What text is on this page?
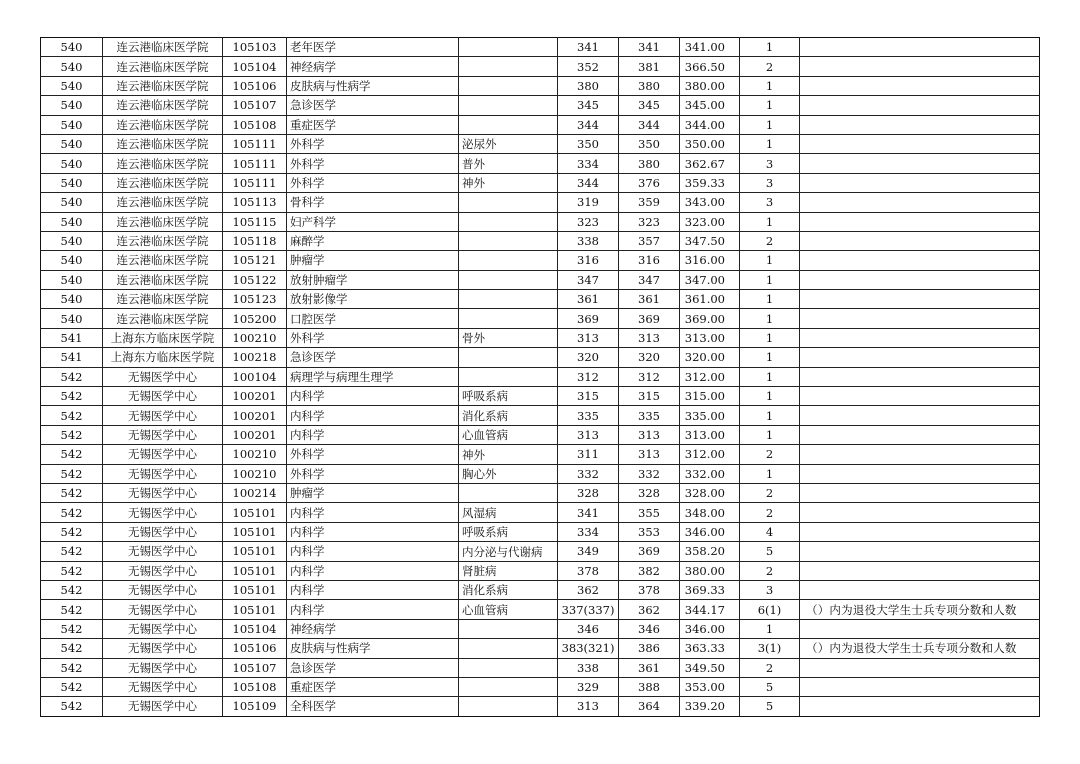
540	连云港临床医学院	105103	老年医学		341	341	341.00	1	
540	连云港临床医学院	105104	神经病学		352	381	366.50	2	
540	连云港临床医学院	105106	皮肤病与性病学		380	380	380.00	1	
540	连云港临床医学院	105107	急诊医学		345	345	345.00	1	
540	连云港临床医学院	105108	重症医学		344	344	344.00	1	
540	连云港临床医学院	105111	外科学	泌尿外	350	350	350.00	1	
540	连云港临床医学院	105111	外科学	普外	334	380	362.67	3	
540	连云港临床医学院	105111	外科学	神外	344	376	359.33	3	
540	连云港临床医学院	105113	骨科学		319	359	343.00	3	
540	连云港临床医学院	105115	妇产科学		323	323	323.00	1	
540	连云港临床医学院	105118	麻醉学		338	357	347.50	2	
540	连云港临床医学院	105121	肿瘤学		316	316	316.00	1	
540	连云港临床医学院	105122	放射肿瘤学		347	347	347.00	1	
540	连云港临床医学院	105123	放射影像学		361	361	361.00	1	
540	连云港临床医学院	105200	口腔医学		369	369	369.00	1	
541	上海东方临床医学院	100210	外科学	骨外	313	313	313.00	1	
541	上海东方临床医学院	100218	急诊医学		320	320	320.00	1	
542	无锡医学中心	100104	病理学与病理生理学		312	312	312.00	1	
542	无锡医学中心	100201	内科学	呼吸系病	315	315	315.00	1	
542	无锡医学中心	100201	内科学	消化系病	335	335	335.00	1	
542	无锡医学中心	100201	内科学	心血管病	313	313	313.00	1	
542	无锡医学中心	100210	外科学	神外	311	313	312.00	2	
542	无锡医学中心	100210	外科学	胸心外	332	332	332.00	1	
542	无锡医学中心	100214	肿瘤学		328	328	328.00	2	
542	无锡医学中心	105101	内科学	风湿病	341	355	348.00	2	
542	无锡医学中心	105101	内科学	呼吸系病	334	353	346.00	4	
542	无锡医学中心	105101	内科学	内分泌与代谢病	349	369	358.20	5	
542	无锡医学中心	105101	内科学	肾脏病	378	382	380.00	2	
542	无锡医学中心	105101	内科学	消化系病	362	378	369.33	3	
542	无锡医学中心	105101	内科学	心血管病	337(337)	362	344.17	6(1)	（）内为退役大学生士兵专项分数和人数
542	无锡医学中心	105104	神经病学		346	346	346.00	1	
542	无锡医学中心	105106	皮肤病与性病学		383(321)	386	363.33	3(1)	（）内为退役大学生士兵专项分数和人数
542	无锡医学中心	105107	急诊医学		338	361	349.50	2	
542	无锡医学中心	105108	重症医学		329	388	353.00	5	
542	无锡医学中心	105109	全科医学		313	364	339.20	5	
